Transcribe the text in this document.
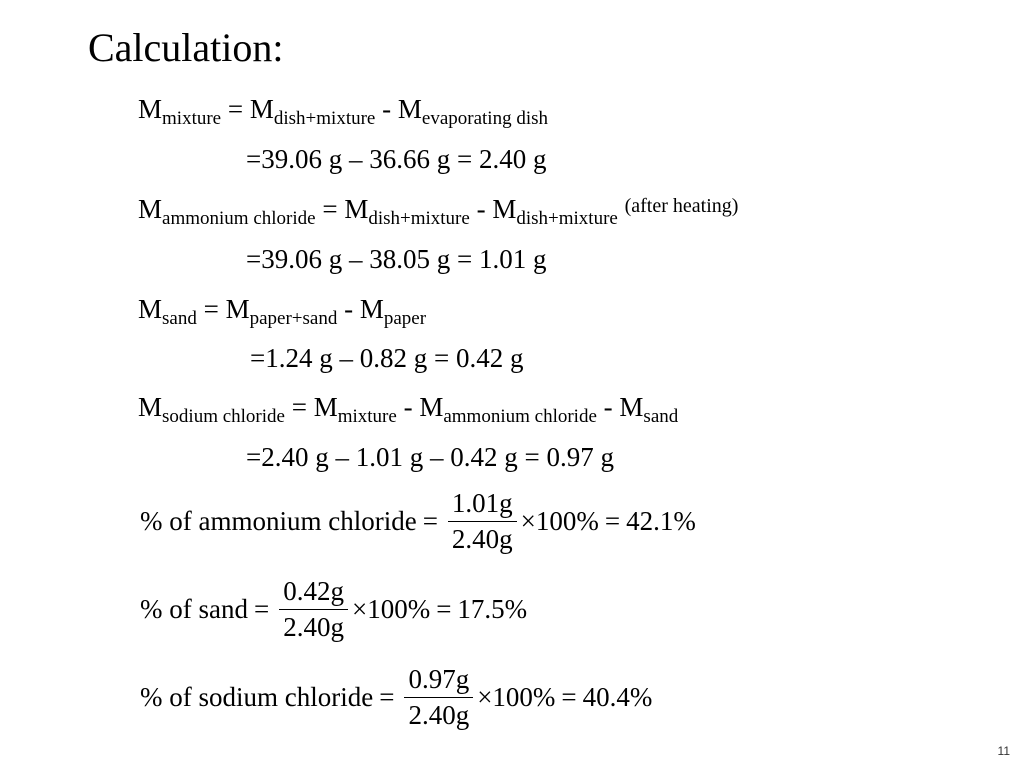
Calculation:
$M_{mixture} = M_{dish+mixture} - M_{evaporating dish}$
=39.06 g – 36.66 g = 2.40 g
$M_{ammonium chloride} = M_{dish+mixture} - M_{dish+mixture}$ $^{(after heating)}$
=39.06 g – 38.05 g = 1.01 g
$M_{sand} = M_{paper+sand} - M_{paper}$
=1.24 g – 0.82 g = 0.42 g
$M_{sodium chloride} = M_{mixture} - M_{ammonium chloride} - M_{sand}$
=2.40 g – 1.01 g – 0.42 g = 0.97 g
% of ammonium chloride = $\frac{1.01g}{2.40g} \times 100\% = 42.1\%$
% of sand = $\frac{0.42g}{2.40g} \times 100\% = 17.5\%$
% of sodium chloride = $\frac{0.97g}{2.40g} \times 100\% = 40.4\%$
11
